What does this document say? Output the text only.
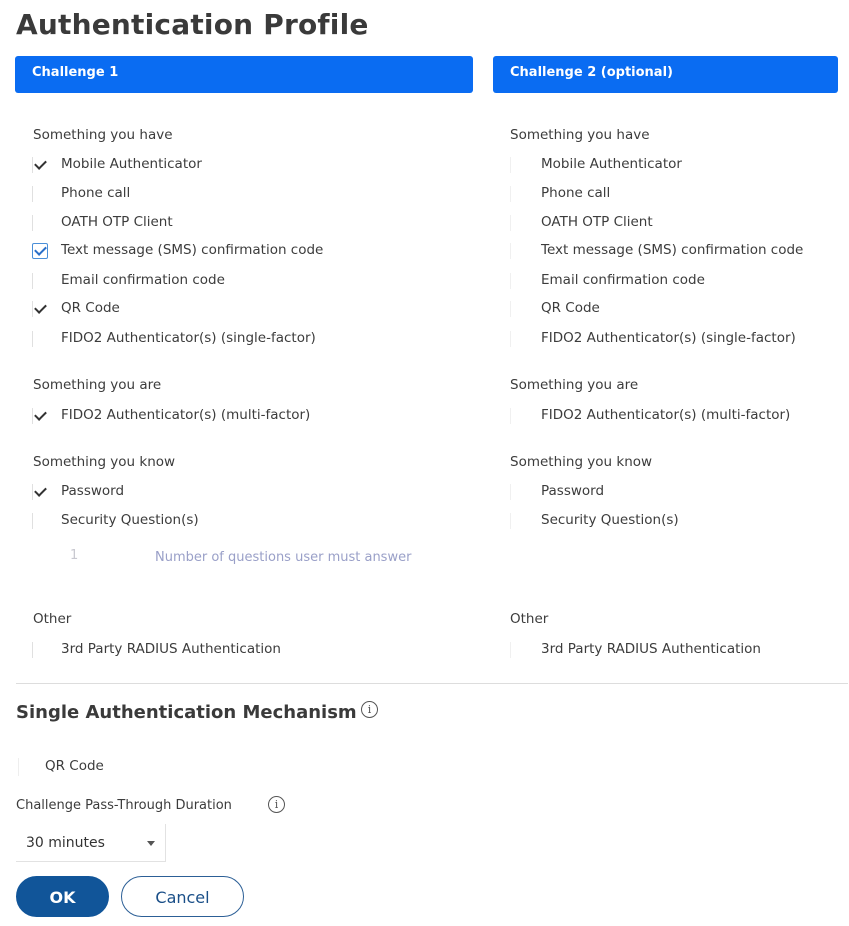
Authentication Profile
Challenge 1
Something you have
Mobile Authenticator
Phone call
OATH OTP Client
Text message (SMS) confirmation code
Email confirmation code
QR Code
FIDO2 Authenticator(s) (single-factor)
Something you are
FIDO2 Authenticator(s) (multi-factor)
Something you know
Password
Security Question(s)
1	Number of questions user must answer
Other
3rd Party RADIUS Authentication
Challenge 2 (optional)
Something you have
Mobile Authenticator
Phone call
OATH OTP Client
Text message (SMS) confirmation code
Email confirmation code
QR Code
FIDO2 Authenticator(s) (single-factor)
Something you are
FIDO2 Authenticator(s) (multi-factor)
Something you know
Password
Security Question(s)
Other
3rd Party RADIUS Authentication
Single Authentication Mechanism	i
QR Code
Challenge Pass-Through Duration	i
30 minutes
OK	Cancel
